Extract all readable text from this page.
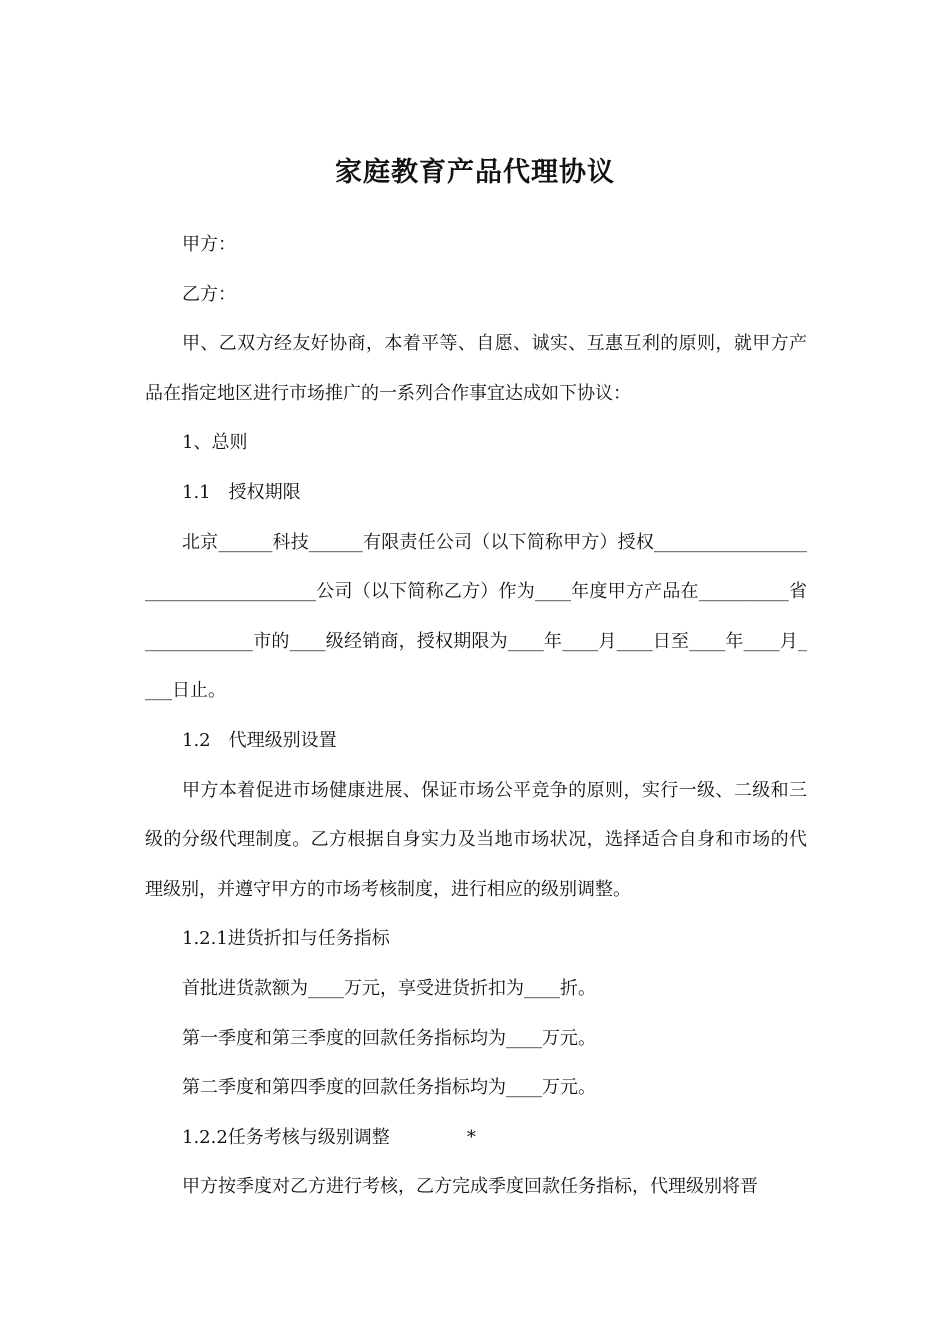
家庭教育产品代理协议

甲方：

乙方：

甲、乙双方经友好协商，本着平等、自愿、诚实、互惠互利的原则，就甲方产品在指定地区进行市场推广的一系列合作事宜达成如下协议：

1、总则

1.1　授权期限

北京______科技______有限责任公司（以下简称甲方）授权____________________________________公司（以下简称乙方）作为____年度甲方产品在__________省____________市的____级经销商，授权期限为____年____月____日至____年____月____日止。

1.2　代理级别设置

甲方本着促进市场健康进展、保证市场公平竞争的原则，实行一级、二级和三级的分级代理制度。乙方根据自身实力及当地市场状况，选择适合自身和市场的代理级别，并遵守甲方的市场考核制度，进行相应的级别调整。

1.2.1进货折扣与任务指标

首批进货款额为____万元，享受进货折扣为____折。

第一季度和第三季度的回款任务指标均为____万元。

第二季度和第四季度的回款任务指标均为____万元。

1.2.2任务考核与级别调整	*

甲方按季度对乙方进行考核，乙方完成季度回款任务指标，代理级别将晋
